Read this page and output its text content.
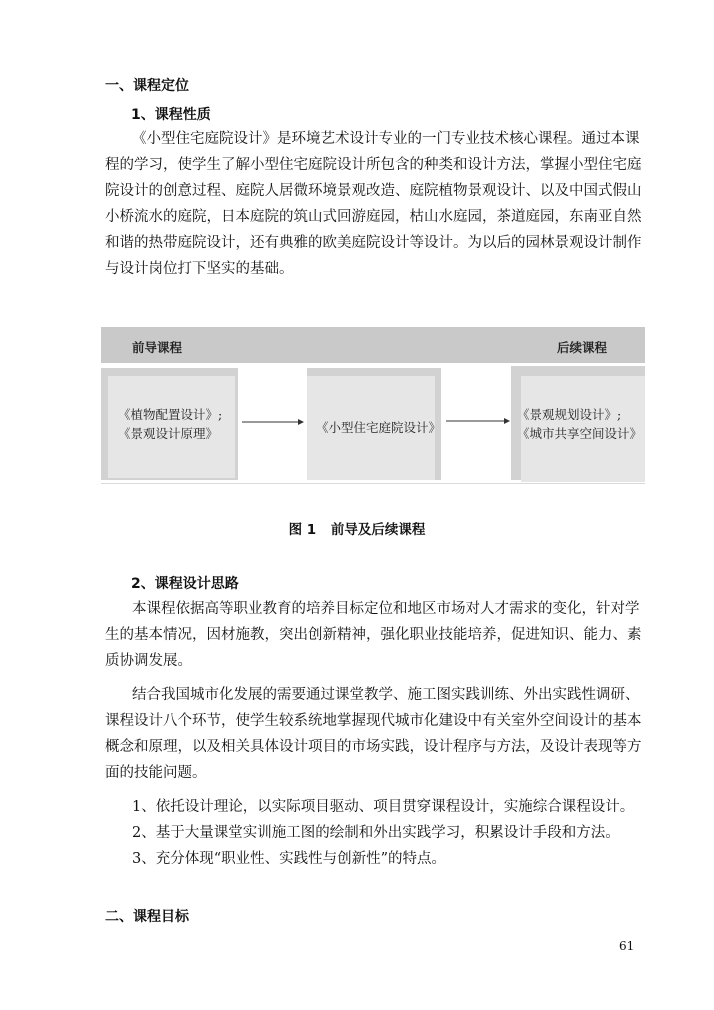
一、课程定位
1、课程性质
《小型住宅庭院设计》是环境艺术设计专业的一门专业技术核心课程。通过本课
程的学习，使学生了解小型住宅庭院设计所包含的种类和设计方法，掌握小型住宅庭
院设计的创意过程、庭院人居微环境景观改造、庭院植物景观设计、以及中国式假山
小桥流水的庭院，日本庭院的筑山式回游庭园，枯山水庭园，茶道庭园，东南亚自然
和谐的热带庭院设计，还有典雅的欧美庭院设计等设计。为以后的园林景观设计制作
与设计岗位打下坚实的基础。
前导课程	后续课程
《植物配置设计》;
《景观设计原理》	《小型住宅庭院设计》
《景观规划设计》;
《城市共享空间设计》
图 1 前导及后续课程
2、课程设计思路
本课程依据高等职业教育的培养目标定位和地区市场对人才需求的变化，针对学
生的基本情况，因材施教，突出创新精神，强化职业技能培养，促进知识、能力、素
质协调发展。
结合我国城市化发展的需要通过课堂教学、施工图实践训练、外出实践性调研、
课程设计八个环节，使学生较系统地掌握现代城市化建设中有关室外空间设计的基本
概念和原理，以及相关具体设计项目的市场实践，设计程序与方法，及设计表现等方
面的技能问题。
1、依托设计理论，以实际项目驱动、项目贯穿课程设计，实施综合课程设计。
2、基于大量课堂实训施工图的绘制和外出实践学习，积累设计手段和方法。
3、充分体现“职业性、实践性与创新性”的特点。
二、课程目标
61
